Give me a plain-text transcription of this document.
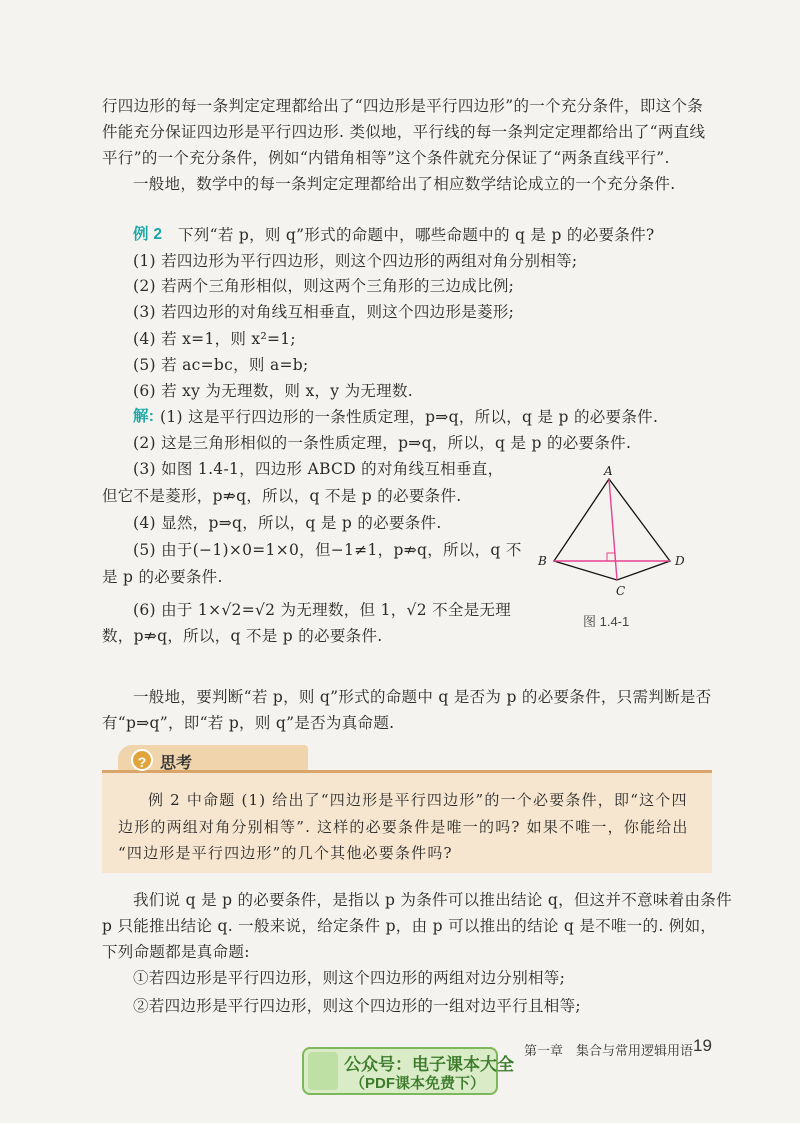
行四边形的每一条判定定理都给出了“四边形是平行四边形”的一个充分条件，即这个条
件能充分保证四边形是平行四边形. 类似地，平行线的每一条判定定理都给出了“两直线
平行”的一个充分条件，例如“内错角相等”这个条件就充分保证了“两条直线平行”.
一般地，数学中的每一条判定定理都给出了相应数学结论成立的一个充分条件.
例 2 下列“若 p，则 q”形式的命题中，哪些命题中的 q 是 p 的必要条件?
(1) 若四边形为平行四边形，则这个四边形的两组对角分别相等;
(2) 若两个三角形相似，则这两个三角形的三边成比例;
(3) 若四边形的对角线互相垂直，则这个四边形是菱形;
(4) 若 x=1，则 x²=1;
(5) 若 ac=bc，则 a=b;
(6) 若 xy 为无理数，则 x，y 为无理数.
解: (1) 这是平行四边形的一条性质定理，p⇒q，所以，q 是 p 的必要条件.
(2) 这是三角形相似的一条性质定理，p⇒q，所以，q 是 p 的必要条件.
(3) 如图 1.4-1，四边形 ABCD 的对角线互相垂直，
但它不是菱形，p⇏q，所以，q 不是 p 的必要条件.
(4) 显然，p⇒q，所以，q 是 p 的必要条件.
(5) 由于(−1)×0=1×0，但−1≠1，p⇏q，所以，q 不
是 p 的必要条件.
(6) 由于 1×√2=√2 为无理数，但 1，√2 不全是无理
数，p⇏q，所以，q 不是 p 的必要条件.
A
B
C
D
图 1.4-1
一般地，要判断“若 p，则 q”形式的命题中 q 是否为 p 的必要条件，只需判断是否
有“p⇒q”，即“若 p，则 q”是否为真命题.
? 思考
例 2 中命题 (1) 给出了“四边形是平行四边形”的一个必要条件，即“这个四
边形的两组对角分别相等”. 这样的必要条件是唯一的吗? 如果不唯一，你能给出
“四边形是平行四边形”的几个其他必要条件吗?
我们说 q 是 p 的必要条件，是指以 p 为条件可以推出结论 q，但这并不意味着由条件
p 只能推出结论 q. 一般来说，给定条件 p，由 p 可以推出的结论 q 是不唯一的. 例如，
下列命题都是真命题:
①若四边形是平行四边形，则这个四边形的两组对边分别相等;
②若四边形是平行四边形，则这个四边形的一组对边平行且相等;
第一章　集合与常用逻辑用语 19
公众号：电子课本大全
（PDF课本免费下）
